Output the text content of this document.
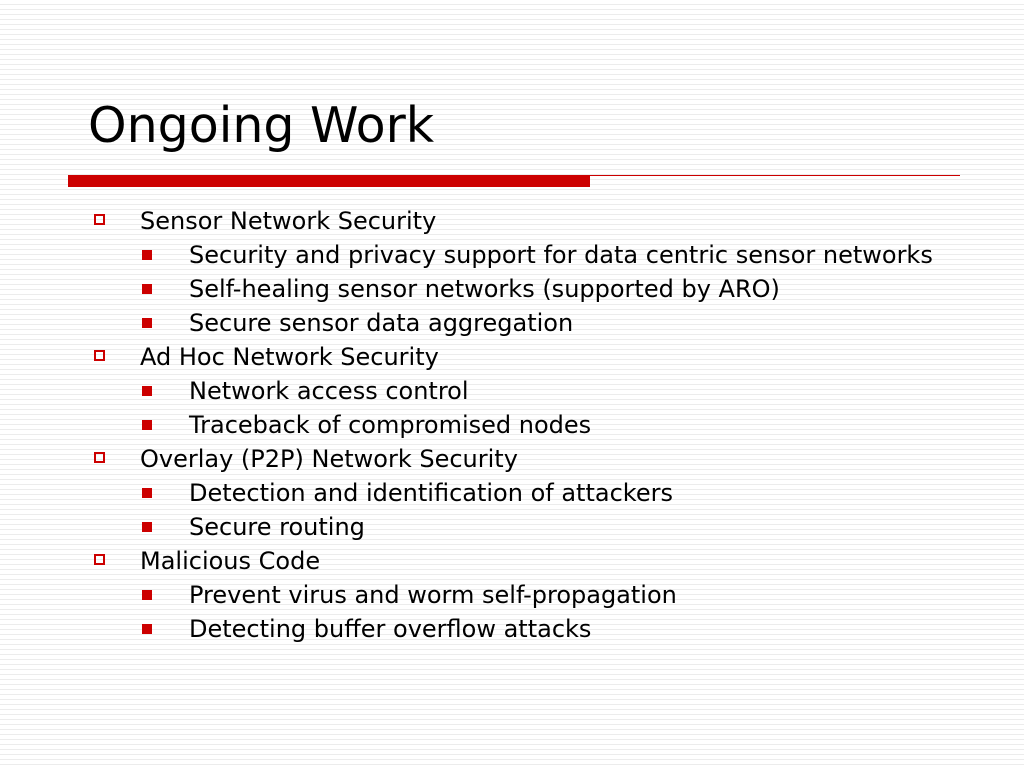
Ongoing Work
Sensor Network Security
Security and privacy support for data centric sensor networks
Self-healing sensor networks (supported by ARO)
Secure sensor data aggregation
Ad Hoc Network Security
Network access control
Traceback of compromised nodes
Overlay (P2P) Network Security
Detection and identification of attackers
Secure routing
Malicious Code
Prevent virus and worm self-propagation
Detecting buffer overflow attacks
